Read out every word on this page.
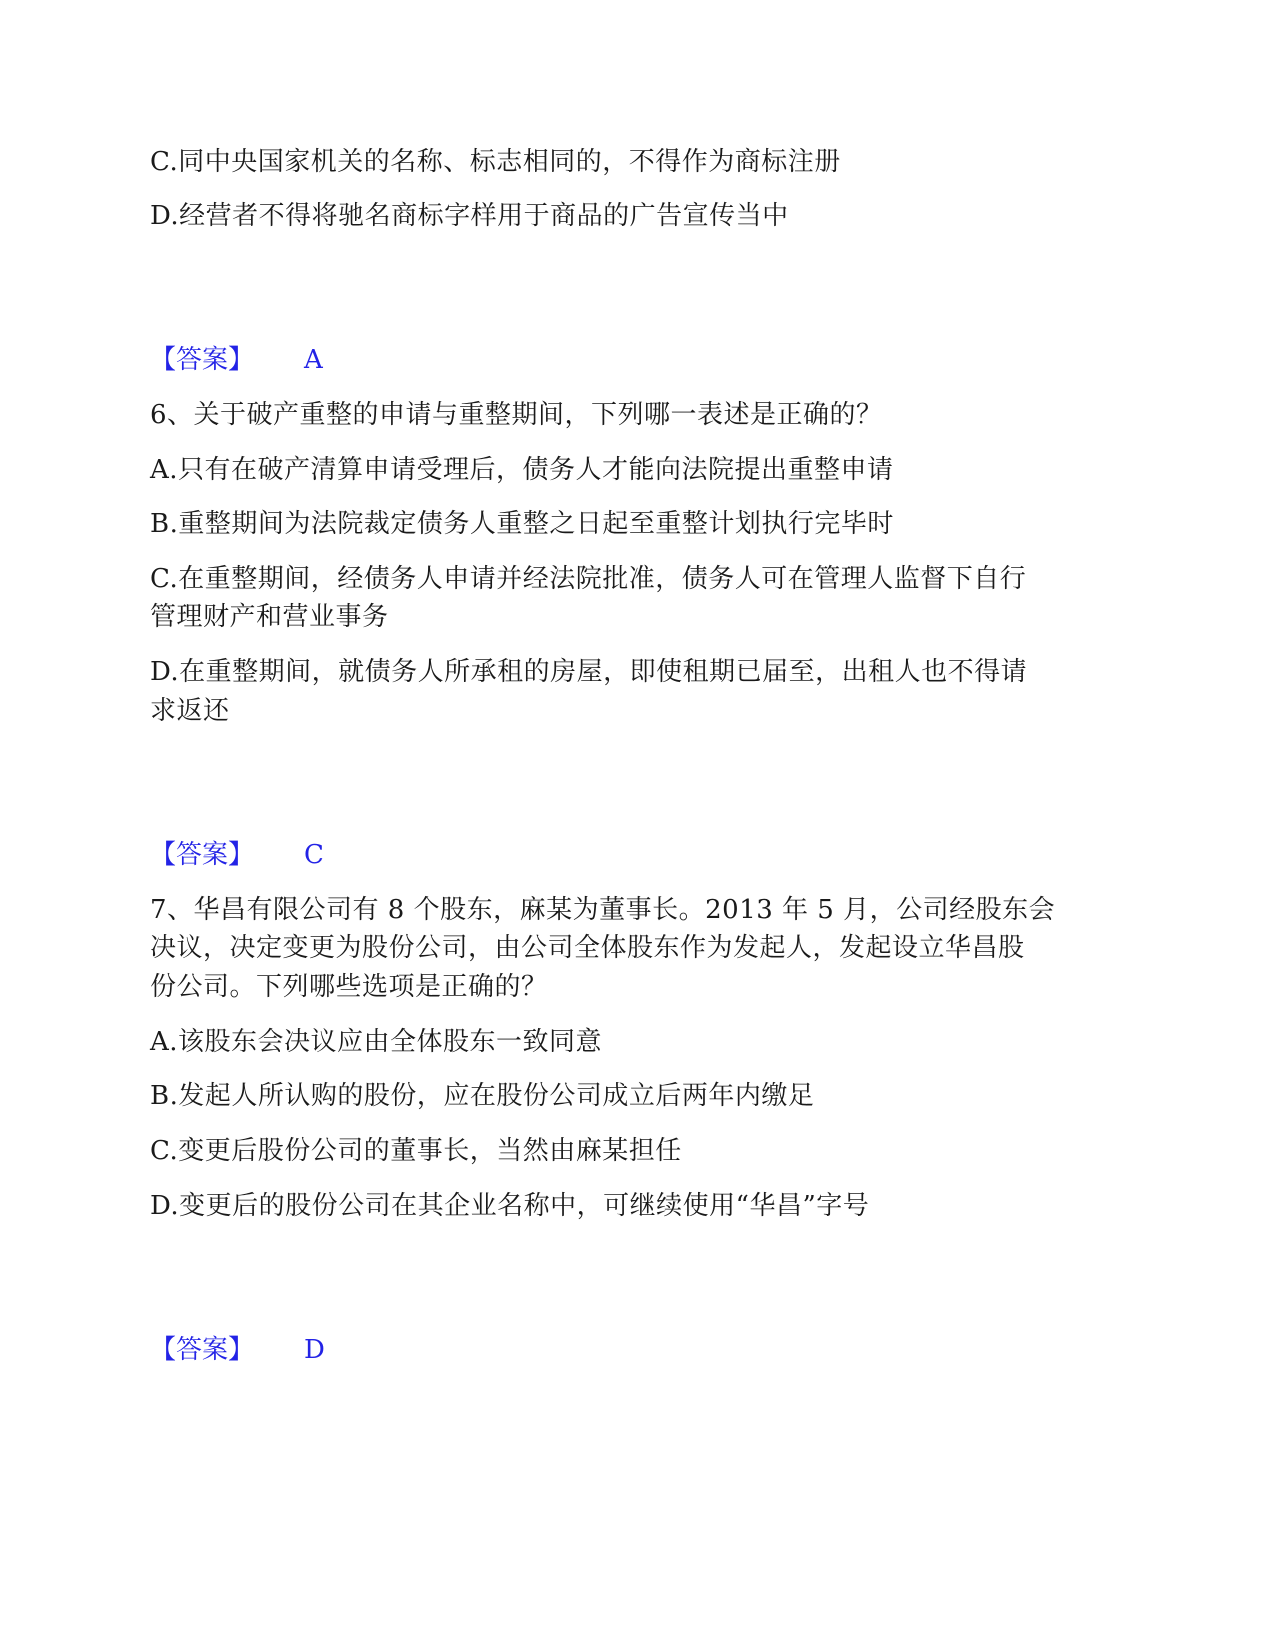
C.同中央国家机关的名称、标志相同的，不得作为商标注册
D.经营者不得将驰名商标字样用于商品的广告宣传当中
【答案】 A
6、关于破产重整的申请与重整期间，下列哪一表述是正确的？
A.只有在破产清算申请受理后，债务人才能向法院提出重整申请
B.重整期间为法院裁定债务人重整之日起至重整计划执行完毕时
C.在重整期间，经债务人申请并经法院批准，债务人可在管理人监督下自行
管理财产和营业事务
D.在重整期间，就债务人所承租的房屋，即使租期已届至，出租人也不得请
求返还
【答案】 C
7、华昌有限公司有 8 个股东，麻某为董事长。2013 年 5 月，公司经股东会
决议，决定变更为股份公司，由公司全体股东作为发起人，发起设立华昌股
份公司。下列哪些选项是正确的？
A.该股东会决议应由全体股东一致同意
B.发起人所认购的股份，应在股份公司成立后两年内缴足
C.变更后股份公司的董事长，当然由麻某担任
D.变更后的股份公司在其企业名称中，可继续使用“华昌”字号
【答案】 D
